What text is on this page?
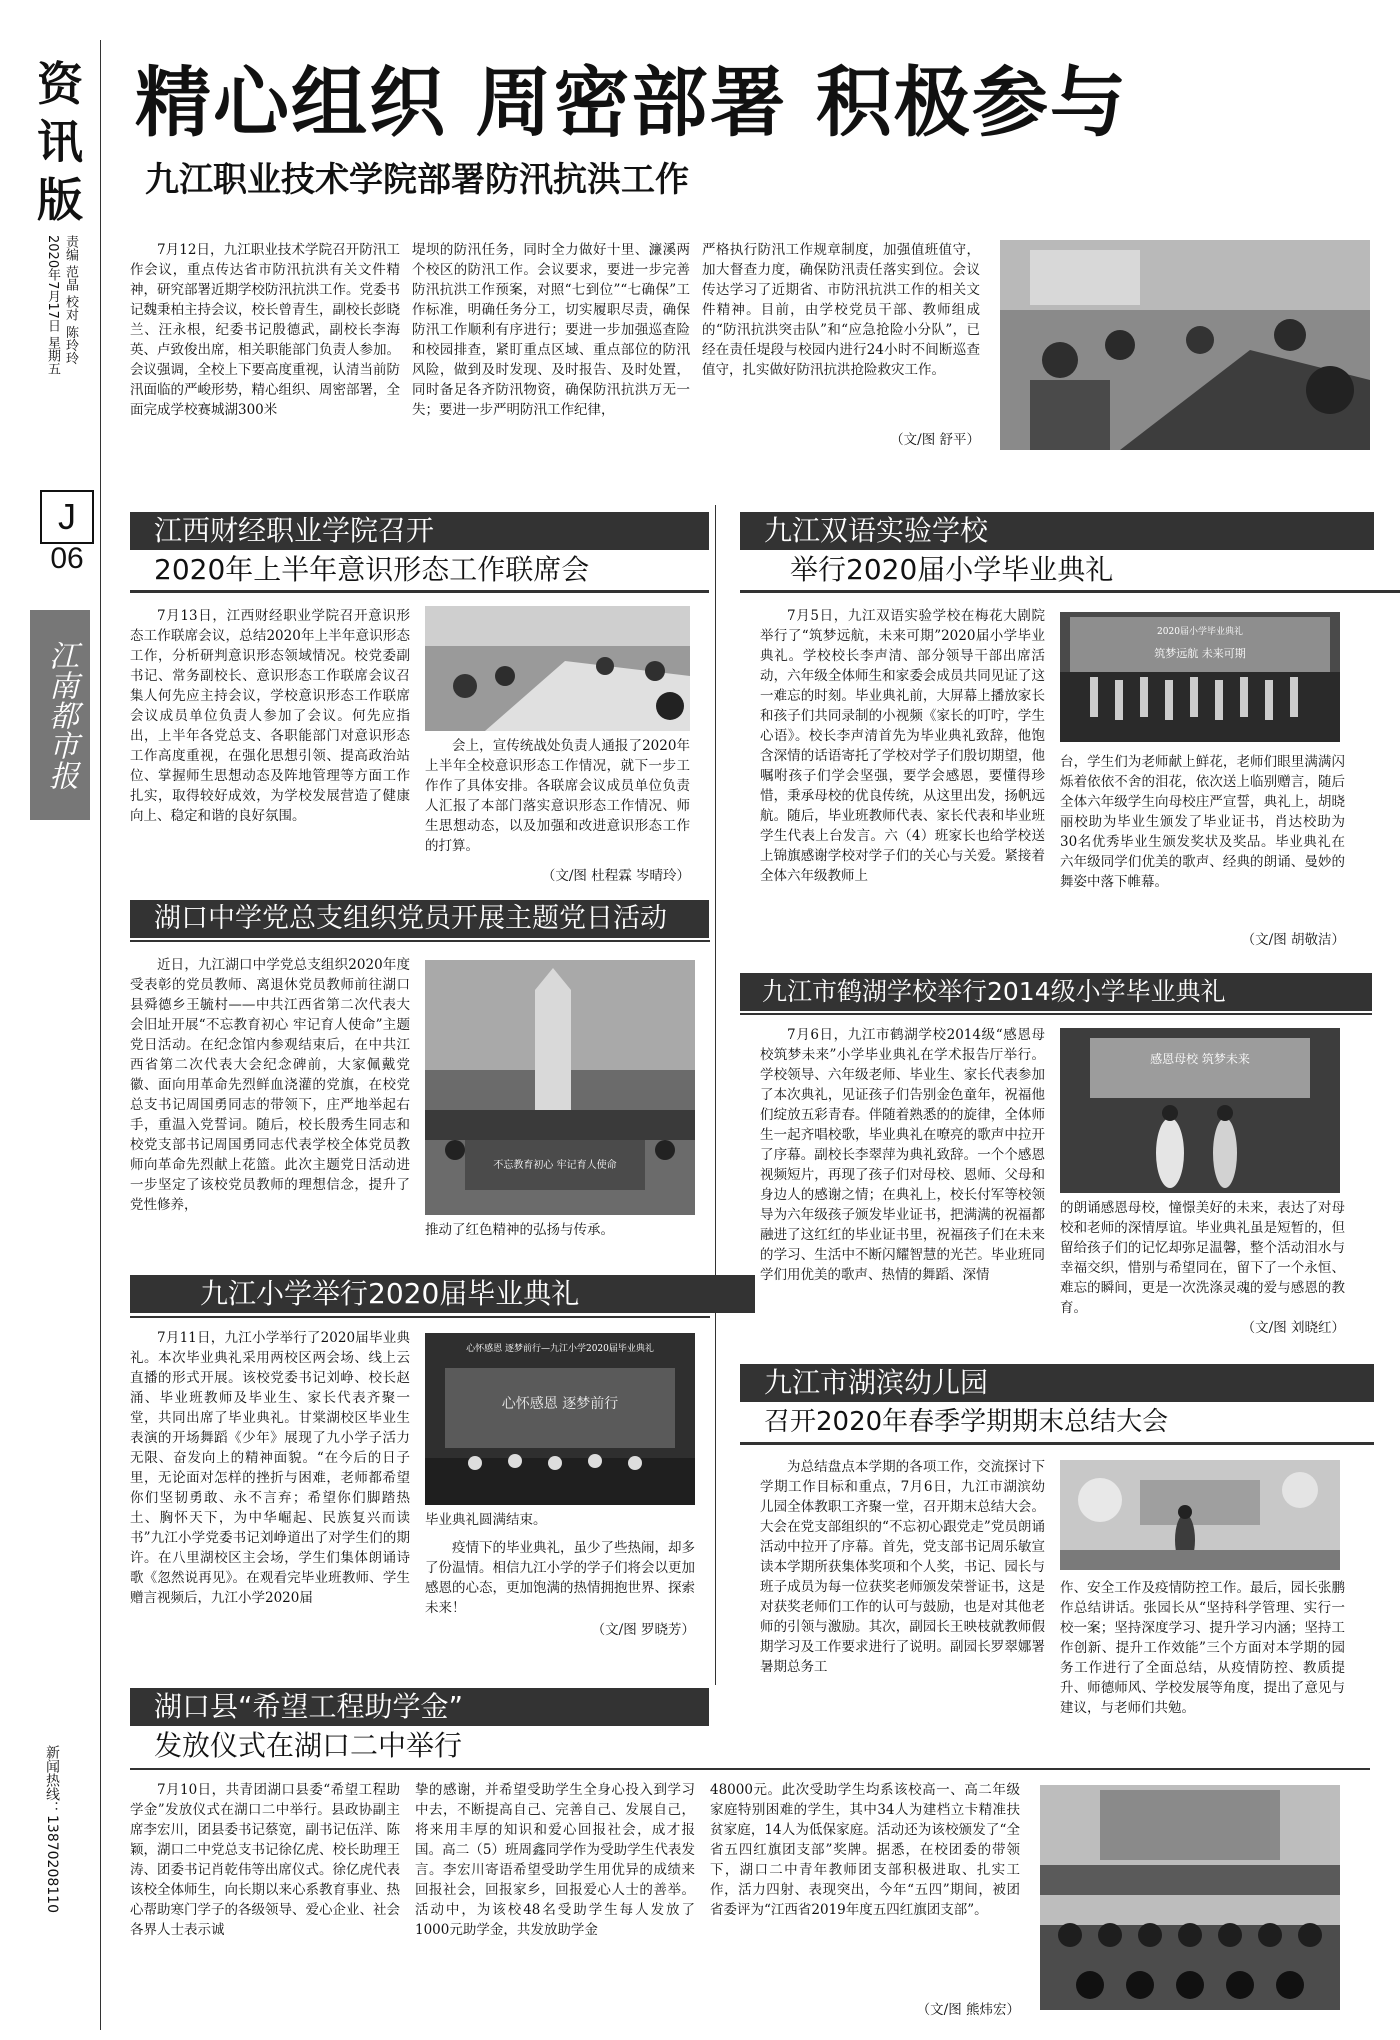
资讯版
责编 范晶 校对 陈玲玲
2020年7月17日 星期五
J
06
江南都市报
新闻热线：13870208110
精心组织 周密部署 积极参与
九江职业技术学院部署防汛抗洪工作

7月12日，九江职业技术学院召开防汛工作会议，重点传达省市防汛抗洪有关文件精神，研究部署近期学校防汛抗洪工作。党委书记魏秉柏主持会议，校长曾青生，副校长彭晓兰、汪永根，纪委书记殷德武，副校长李海英、卢致俊出席，相关职能部门负责人参加。会议强调，全校上下要高度重视，认清当前防汛面临的严峻形势，精心组织、周密部署，全面完成学校赛城湖300米

堤坝的防汛任务，同时全力做好十里、濂溪两个校区的防汛工作。会议要求，要进一步完善防汛抗洪工作预案，对照“七到位”“七确保”工作标准，明确任务分工，切实履职尽责，确保防汛工作顺利有序进行；要进一步加强巡查险和校园排查，紧盯重点区域、重点部位的防汛风险，做到及时发现、及时报告、及时处置，同时备足各齐防汛物资，确保防汛抗洪万无一失；要进一步严明防汛工作纪律，

严格执行防汛工作规章制度，加强值班值守，加大督查力度，确保防汛责任落实到位。会议传达学习了近期省、市防汛抗洪工作的相关文件精神。目前，由学校党员干部、教师组成的“防汛抗洪突击队”和“应急抢险小分队”，已经在责任堤段与校园内进行24小时不间断巡查值守，扎实做好防汛抗洪抢险救灾工作。

（文/图 舒平）
江西财经职业学院召开
2020年上半年意识形态工作联席会

7月13日，江西财经职业学院召开意识形态工作联席会议，总结2020年上半年意识形态工作，分析研判意识形态领域情况。校党委副书记、常务副校长、意识形态工作联席会议召集人何先应主持会议，学校意识形态工作联席会议成员单位负责人参加了会议。何先应指出，上半年各党总支、各职能部门对意识形态工作高度重视，在强化思想引领、提高政治站位、掌握师生思想动态及阵地管理等方面工作扎实，取得较好成效，为学校发展营造了健康向上、稳定和谐的良好氛围。

会上，宣传统战处负责人通报了2020年上半年全校意识形态工作情况，就下一步工作作了具体安排。各联席会议成员单位负责人汇报了本部门落实意识形态工作情况、师生思想动态，以及加强和改进意识形态工作的打算。

（文/图 杜程霖 岑晴玲）
湖口中学党总支组织党员开展主题党日活动

近日，九江湖口中学党总支组织2020年度受表彰的党员教师、离退休党员教师前往湖口县舜德乡王毓村——中共江西省第二次代表大会旧址开展“不忘教育初心 牢记育人使命”主题党日活动。在纪念馆内参观结束后，在中共江西省第二次代表大会纪念碑前，大家佩戴党徽、面向用革命先烈鲜血浇灌的党旗，在校党总支书记周国勇同志的带领下，庄严地举起右手，重温入党誓词。随后，校长殷秀生同志和校党支部书记周国勇同志代表学校全体党员教师向革命先烈献上花篮。此次主题党日活动进一步坚定了该校党员教师的理想信念，提升了党性修养，

不忘教育初心 牢记育人使命
推动了红色精神的弘扬与传承。
九江小学举行2020届毕业典礼

7月11日，九江小学举行了2020届毕业典礼。本次毕业典礼采用两校区两会场、线上云直播的形式开展。该校党委书记刘峥、校长赵涌、毕业班教师及毕业生、家长代表齐聚一堂，共同出席了毕业典礼。甘棠湖校区毕业生表演的开场舞蹈《少年》展现了九小学子活力无限、奋发向上的精神面貌。“在今后的日子里，无论面对怎样的挫折与困难，老师都希望你们坚韧勇敢、永不言弃；希望你们脚踏热土、胸怀天下，为中华崛起、民族复兴而读书”九江小学党委书记刘峥道出了对学生们的期许。在八里湖校区主会场，学生们集体朗诵诗歌《忽然说再见》。在观看完毕业班教师、学生赠言视频后，九江小学2020届

心怀感恩 逐梦前行—九江小学2020届毕业典礼
心怀感恩 逐梦前行
毕业典礼圆满结束。

疫情下的毕业典礼，虽少了些热闹，却多了份温情。相信九江小学的学子们将会以更加感恩的心态，更加饱满的热情拥抱世界、探索未来！

（文/图 罗晓芳）
九江双语实验学校
举行2020届小学毕业典礼

7月5日，九江双语实验学校在梅花大剧院举行了“筑梦远航，未来可期”2020届小学毕业典礼。学校校长李声清、部分领导干部出席活动，六年级全体师生和家委会成员共同见证了这一难忘的时刻。毕业典礼前，大屏幕上播放家长和孩子们共同录制的小视频《家长的叮咛，学生心语》。校长李声清首先为毕业典礼致辞，他饱含深情的话语寄托了学校对学子们殷切期望，他嘱咐孩子们学会坚强，要学会感恩，要懂得珍惜，秉承母校的优良传统，从这里出发，扬帆远航。随后，毕业班教师代表、家长代表和毕业班学生代表上台发言。六（4）班家长也给学校送上锦旗感谢学校对学子们的关心与关爱。紧接着全体六年级教师上

2020届小学毕业典礼
筑梦远航 未来可期

台，学生们为老师献上鲜花，老师们眼里满满闪烁着依依不舍的泪花，依次送上临别赠言，随后全体六年级学生向母校庄严宣誓，典礼上，胡晓丽校助为毕业生颁发了毕业证书，肖达校助为30名优秀毕业生颁发奖状及奖品。毕业典礼在六年级同学们优美的歌声、经典的朗诵、曼妙的舞姿中落下帷幕。

（文/图 胡敬洁）
九江市鹤湖学校举行2014级小学毕业典礼

7月6日，九江市鹤湖学校2014级“感恩母校筑梦未来”小学毕业典礼在学术报告厅举行。学校领导、六年级老师、毕业生、家长代表参加了本次典礼，见证孩子们告别金色童年，祝福他们绽放五彩青春。伴随着熟悉的的旋律，全体师生一起齐唱校歌，毕业典礼在嘹亮的歌声中拉开了序幕。副校长李翠萍为典礼致辞。一个个感恩视频短片，再现了孩子们对母校、恩师、父母和身边人的感谢之情；在典礼上，校长付军等校领导为六年级孩子颁发毕业证书，把满满的祝福都融进了这红红的毕业证书里，祝福孩子们在未来的学习、生活中不断闪耀智慧的光芒。毕业班同学们用优美的歌声、热情的舞蹈、深情

感恩母校 筑梦未来

的朗诵感恩母校，憧憬美好的未来，表达了对母校和老师的深情厚谊。毕业典礼虽是短暂的，但留给孩子们的记忆却弥足温馨，整个活动泪水与幸福交织，惜别与希望同在，留下了一个永恒、难忘的瞬间，更是一次洗涤灵魂的爱与感恩的教育。

（文/图 刘晓红）
九江市湖滨幼儿园
召开2020年春季学期期末总结大会

为总结盘点本学期的各项工作，交流探讨下学期工作目标和重点，7月6日，九江市湖滨幼儿园全体教职工齐聚一堂，召开期末总结大会。大会在党支部组织的“不忘初心跟党走”党员朗诵活动中拉开了序幕。首先，党支部书记周乐敏宣读本学期所获集体奖项和个人奖，书记、园长与班子成员为每一位获奖老师颁发荣誉证书，这是对获奖老师们工作的认可与鼓励，也是对其他老师的引领与激励。其次，副园长王映枝就教师假期学习及工作要求进行了说明。副园长罗翠娜署暑期总务工

作、安全工作及疫情防控工作。最后，园长张鹏作总结讲话。张园长从“坚持科学管理、实行一校一案；坚持深度学习、提升学习内涵；坚持工作创新、提升工作效能”三个方面对本学期的园务工作进行了全面总结，从疫情防控、教质提升、师德师风、学校发展等角度，提出了意见与建议，与老师们共勉。

湖口县“希望工程助学金”
发放仪式在湖口二中举行

7月10日，共青团湖口县委“希望工程助学金”发放仪式在湖口二中举行。县政协副主席李宏川，团县委书记蔡宽，副书记伍洋、陈颖，湖口二中党总支书记徐亿虎、校长助理王涛、团委书记肖乾伟等出席仪式。徐亿虎代表该校全体师生，向长期以来心系教育事业、热心帮助寒门学子的各级领导、爱心企业、社会各界人士表示诚

挚的感谢，并希望受助学生全身心投入到学习中去，不断提高自己、完善自己、发展自己，将来用丰厚的知识和爱心回报社会，成才报国。高二（5）班周鑫同学作为受助学生代表发言。李宏川寄语希望受助学生用优异的成绩来回报社会，回报家乡，回报爱心人士的善举。活动中，为该校48名受助学生每人发放了1000元助学金，共发放助学金

48000元。此次受助学生均系该校高一、高二年级家庭特别困难的学生，其中34人为建档立卡精准扶贫家庭，14人为低保家庭。活动还为该校颁发了“全省五四红旗团支部”奖牌。据悉，在校团委的带领下，湖口二中青年教师团支部积极进取、扎实工作，活力四射、表现突出，今年“五四”期间，被团省委评为“江西省2019年度五四红旗团支部”。

（文/图 熊炜宏）
